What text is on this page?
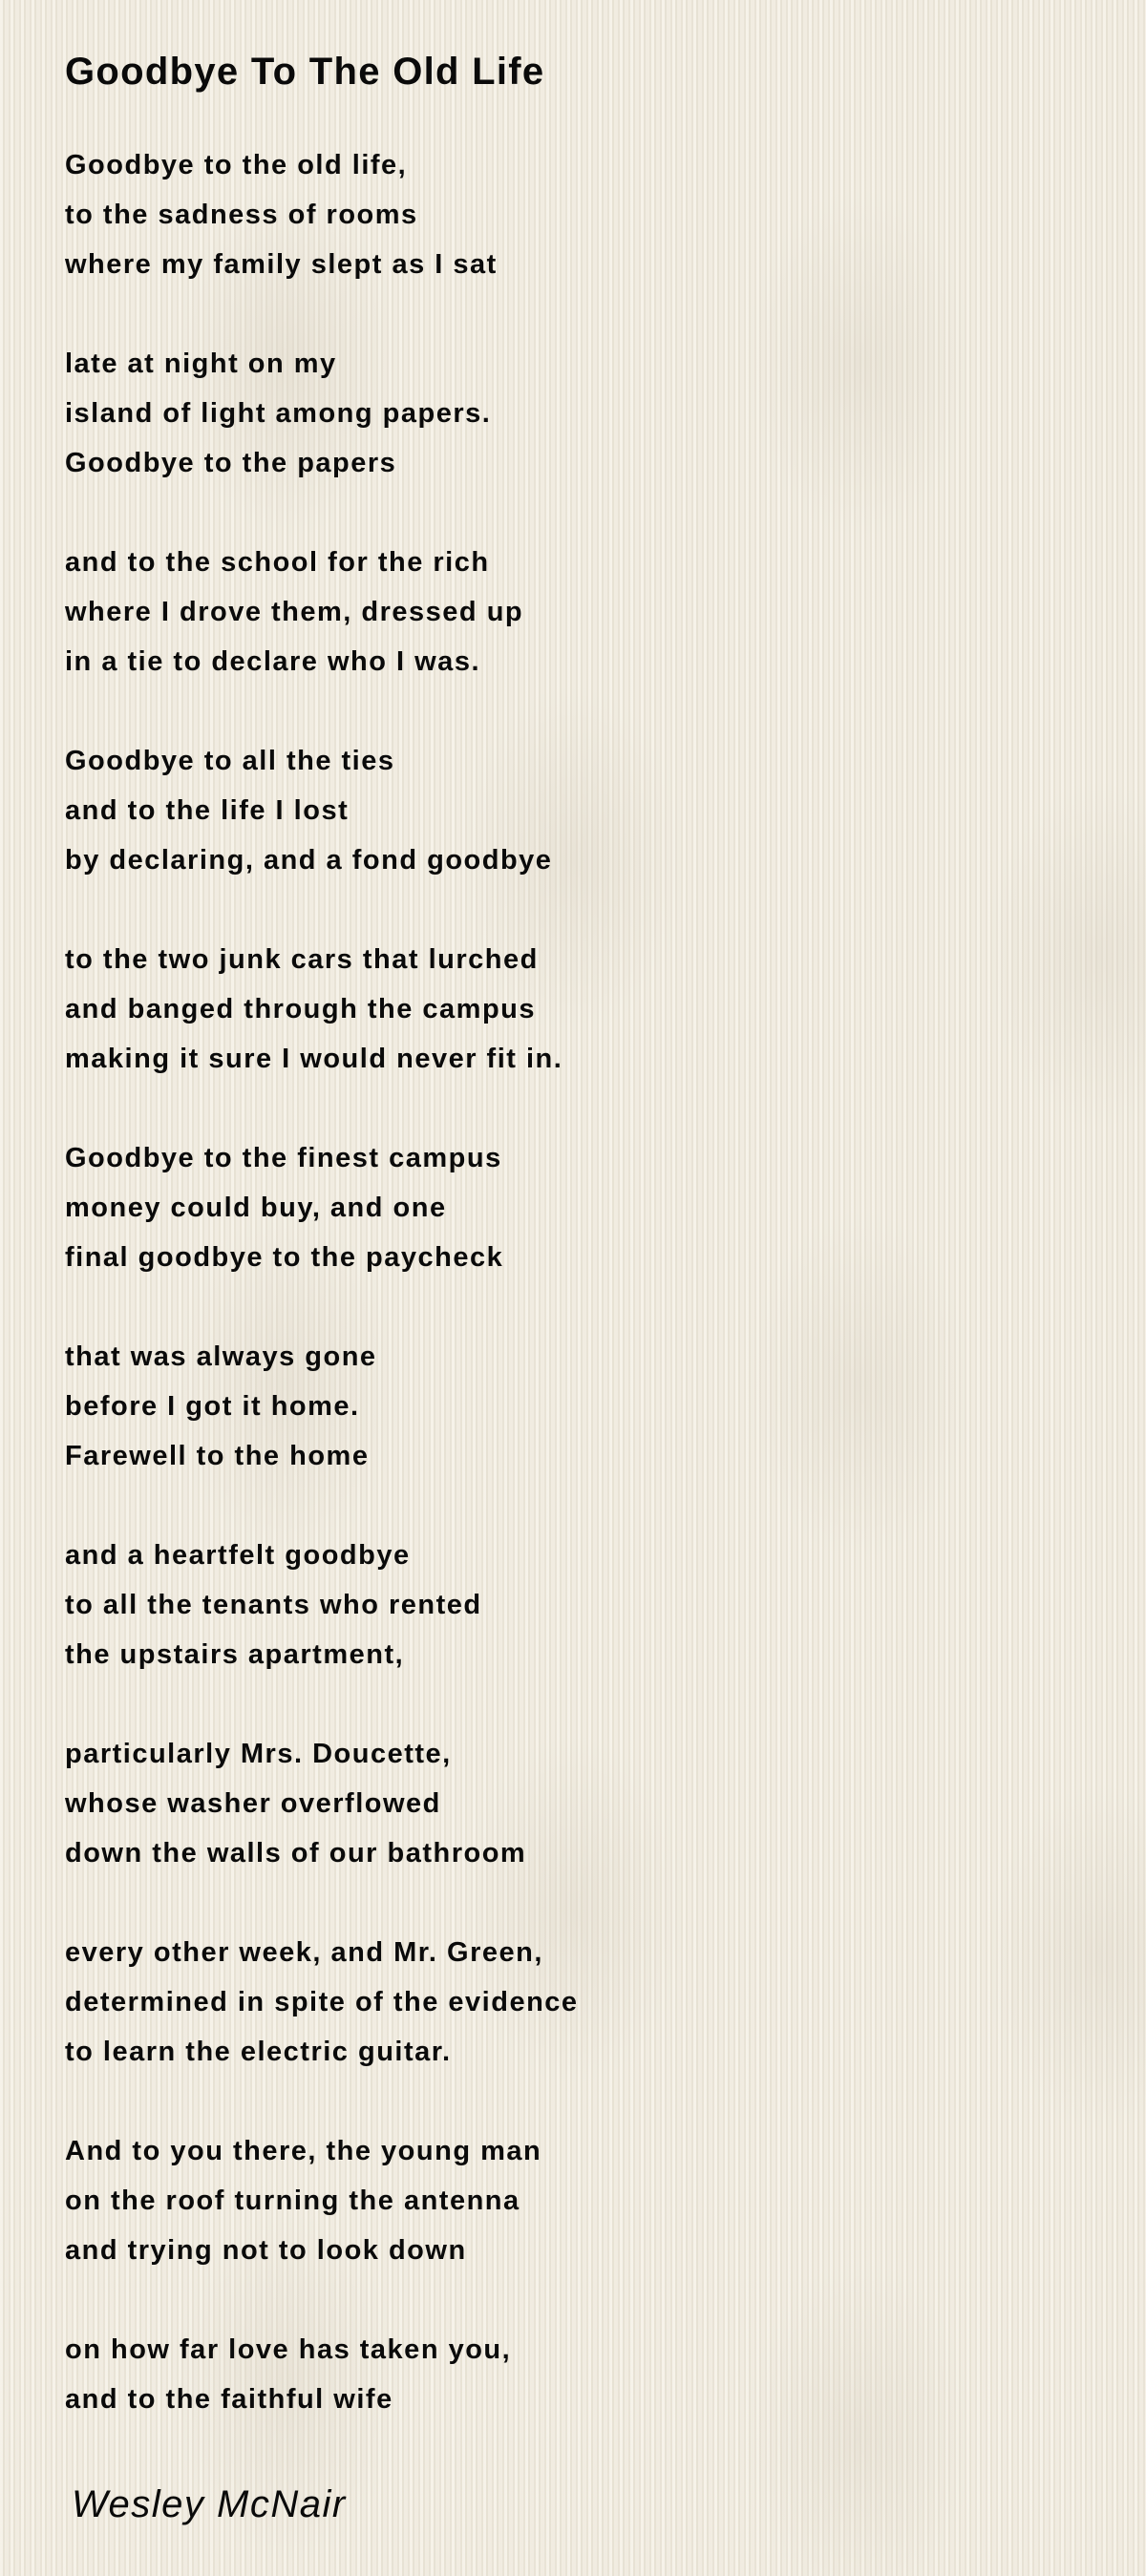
Goodbye To The Old Life
Goodbye to the old life,
to the sadness of rooms
where my family slept as I sat
late at night on my
island of light among papers.
Goodbye to the papers
and to the school for the rich
where I drove them, dressed up
in a tie to declare who I was.
Goodbye to all the ties
and to the life I lost
by declaring, and a fond goodbye
to the two junk cars that lurched
and banged through the campus
making it sure I would never fit in.
Goodbye to the finest campus
money could buy, and one
final goodbye to the paycheck
that was always gone
before I got it home.
Farewell to the home
and a heartfelt goodbye
to all the tenants who rented
the upstairs apartment,
particularly Mrs. Doucette,
whose washer overflowed
down the walls of our bathroom
every other week, and Mr. Green,
determined in spite of the evidence
to learn the electric guitar.
And to you there, the young man
on the roof turning the antenna
and trying not to look down
on how far love has taken you,
and to the faithful wife

Wesley McNair
